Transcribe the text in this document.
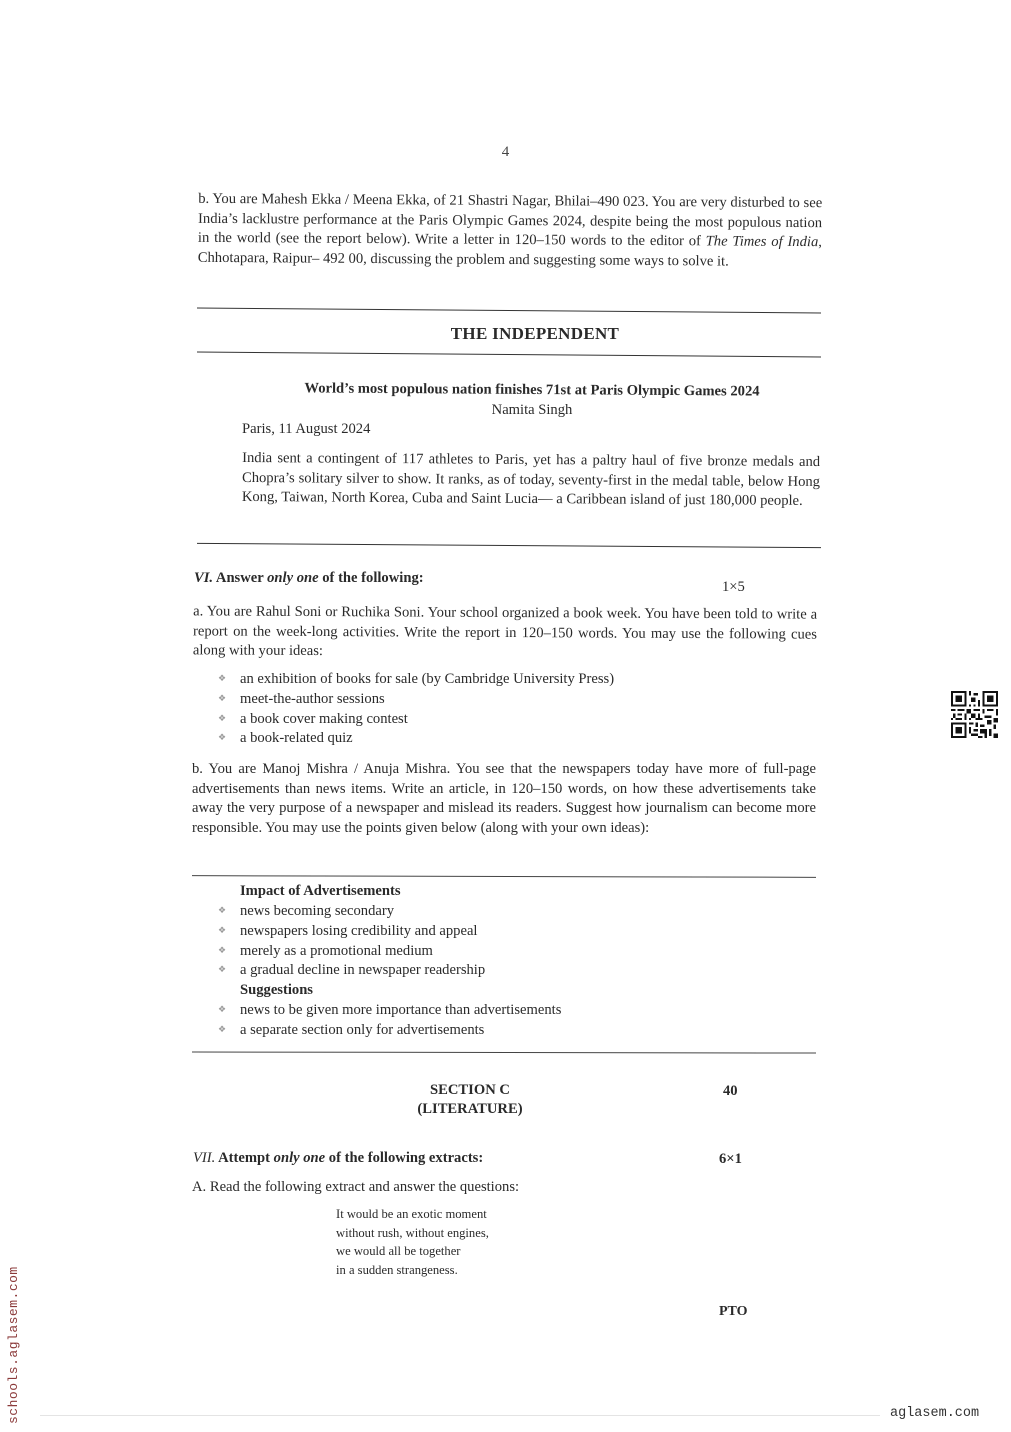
4
b. You are Mahesh Ekka / Meena Ekka, of 21 Shastri Nagar, Bhilai–490 023. You are very disturbed to see India’s lacklustre performance at the Paris Olympic Games 2024, despite being the most populous nation in the world (see the report below). Write a letter in 120–150 words to the editor of The Times of India, Chhotapara, Raipur– 492 00, discussing the problem and suggesting some ways to solve it.
THE INDEPENDENT
World’s most populous nation finishes 71st at Paris Olympic Games 2024
Namita Singh
Paris, 11 August 2024
India sent a contingent of 117 athletes to Paris, yet has a paltry haul of five bronze medals and Chopra’s solitary silver to show. It ranks, as of today, seventy-first in the medal table, below Hong Kong, Taiwan, North Korea, Cuba and Saint Lucia— a Caribbean island of just 180,000 people.
VI. Answer only one of the following:
1×5
a. You are Rahul Soni or Ruchika Soni. Your school organized a book week. You have been told to write a report on the week-long activities. Write the report in 120–150 words. You may use the following cues along with your ideas:
❖ an exhibition of books for sale (by Cambridge University Press)
❖ meet-the-author sessions
❖ a book cover making contest
❖ a book-related quiz
b. You are Manoj Mishra / Anuja Mishra. You see that the newspapers today have more of full-page advertisements than news items. Write an article, in 120–150 words, on how these advertisements take away the very purpose of a newspaper and mislead its readers. Suggest how journalism can become more responsible. You may use the points given below (along with your own ideas):
Impact of Advertisements
❖ news becoming secondary
❖ newspapers losing credibility and appeal
❖ merely as a promotional medium
❖ a gradual decline in newspaper readership
Suggestions
❖ news to be given more importance than advertisements
❖ a separate section only for advertisements
SECTION C
(LITERATURE)
40
VII. Attempt only one of the following extracts:	6×1
A. Read the following extract and answer the questions:
It would be an exotic moment
without rush, without engines,
we would all be together
in a sudden strangeness.
PTO
schools.aglasem.com	aglasem.com
